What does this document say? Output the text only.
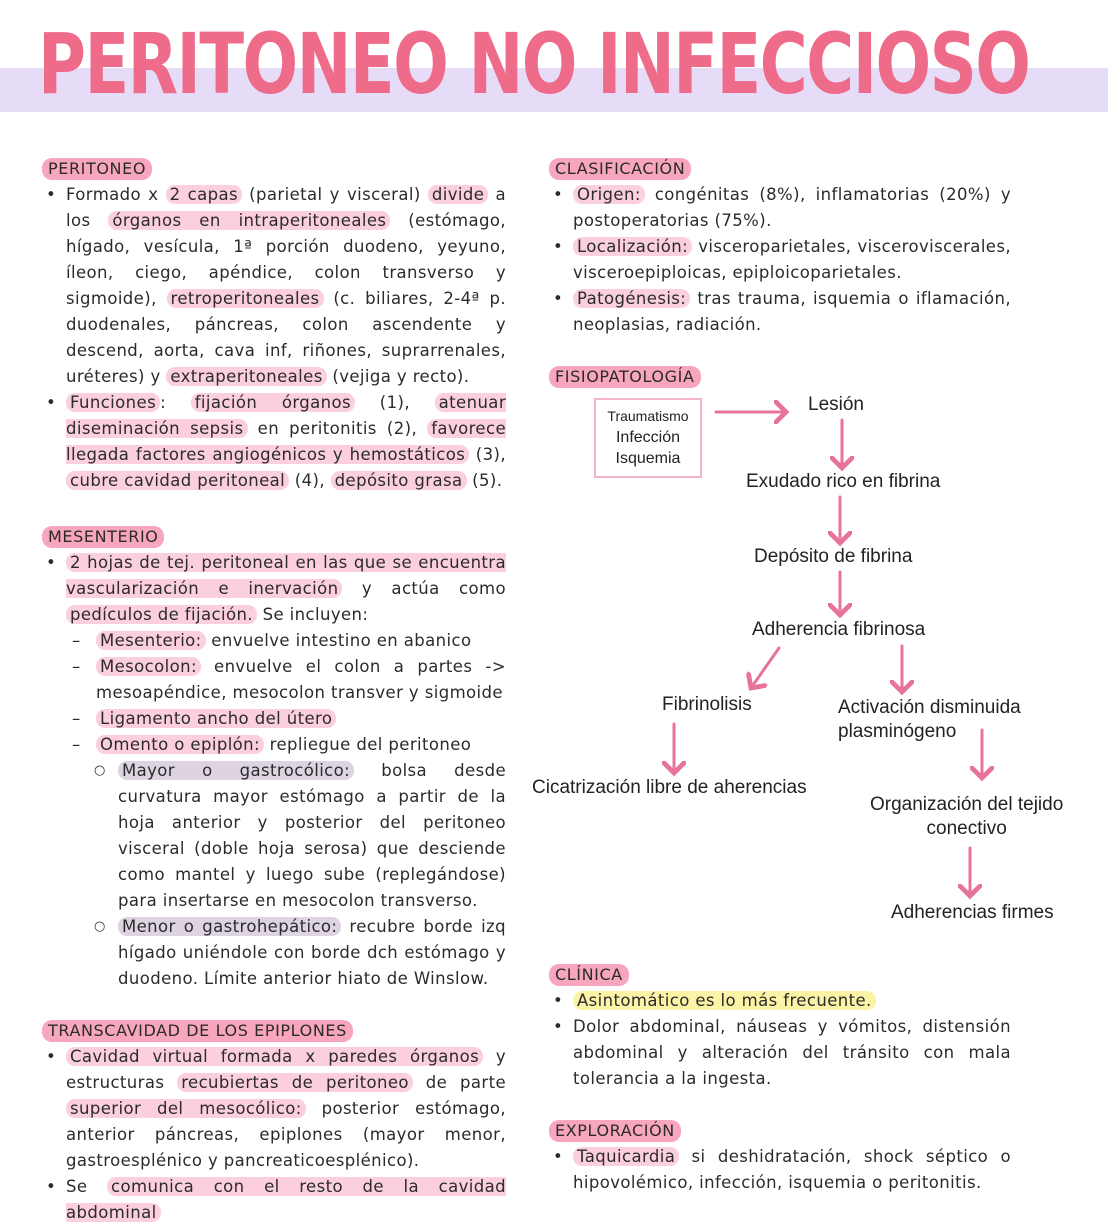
PERITONEO NO INFECCIOSO
PERITONEO
• Formado x 2 capas (parietal y visceral) divide a los órganos en intraperitoneales (estómago, hígado, vesícula, 1ª porción duodeno, yeyuno, íleon, ciego, apéndice, colon transverso y sigmoide), retroperitoneales (c. biliares, 2-4ª p. duodenales, páncreas, colon ascendente y descend, aorta, cava inf, riñones, suprarrenales, uréteres) y extraperitoneales (vejiga y recto).
• Funciones : fijación órganos (1), atenuar diseminación sepsis en peritonitis (2), favorece llegada factores angiogénicos y hemostáticos (3), cubre cavidad peritoneal (4), depósito grasa (5).
MESENTERIO
• 2 hojas de tej. peritoneal en las que se encuentra vascularización e inervación y actúa como pedículos de fijación. Se incluyen:
– Mesenterio: envuelve intestino en abanico
– Mesocolon: envuelve el colon a partes -> mesoapéndice, mesocolon transver y sigmoide
– Ligamento ancho del útero
– Omento o epiplón: repliegue del peritoneo
○ Mayor o gastrocólico: bolsa desde curvatura mayor estómago a partir de la hoja anterior y posterior del peritoneo visceral (doble hoja serosa) que desciende como mantel y luego sube (replegándose) para insertarse en mesocolon transverso.
○ Menor o gastrohepático: recubre borde izq hígado uniéndole con borde dch estómago y duodeno. Límite anterior hiato de Winslow.
TRANSCAVIDAD DE LOS EPIPLONES
• Cavidad virtual formada x paredes órganos y estructuras recubiertas de peritoneo de parte superior del mesocólico: posterior estómago, anterior páncreas, epiplones (mayor menor, gastroesplénico y pancreaticoesplénico).
• Se comunica con el resto de la cavidad abdominal
CLASIFICACIÓN
• Origen: congénitas (8%), inflamatorias (20%) y postoperatorias (75%).
• Localización: visceroparietales, visceroviscerales, visceroepiploicas, epiploicoparietales.
• Patogénesis: tras trauma, isquemia o iflamación, neoplasias, radiación.
FISIOPATOLOGÍA
Traumatismo
Infección
Isquemia
Lesión
Exudado rico en fibrina
Depósito de fibrina
Adherencia fibrinosa
Fibrinolisis	Activación disminuida
plasminógeno
Cicatrización libre de aherencias
Organización del tejido
conectivo
Adherencias firmes
CLÍNICA
• Asintomático es lo más frecuente.
• Dolor abdominal, náuseas y vómitos, distensión abdominal y alteración del tránsito con mala tolerancia a la ingesta.
EXPLORACIÓN
• Taquicardia si deshidratación, shock séptico o hipovolémico, infección, isquemia o peritonitis.
